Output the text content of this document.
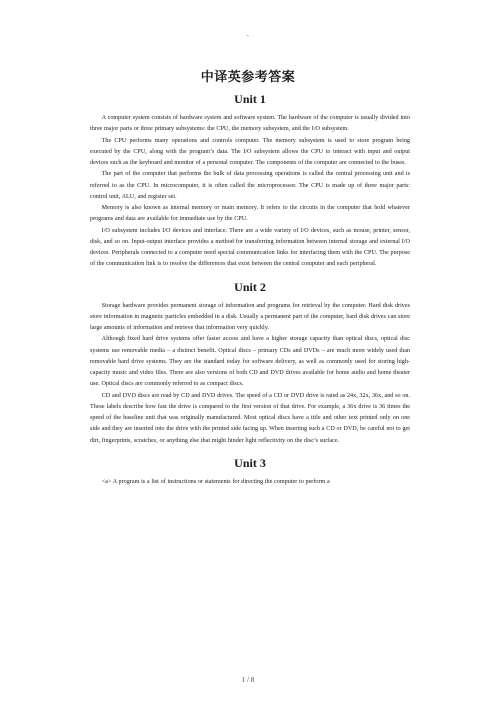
`
中译英参考答案
Unit 1

A computer system consists of hardware system and software system. The hardware of the computer is usually divided into three major parts or three primary subsystems: the CPU, the memory subsystem, and the I/O subsystem.

The CPU performs many operations and controls computer. The memory subsystem is used to store program being executed by the CPU, along with the program’s data. The I/O subsystem allows the CPU to interact with input and output devices such as the keyboard and monitor of a personal computer. The components of the computer are connected to the buses.

The part of the computer that performs the bulk of data processing operations is called the central processing unit and is referred to as the CPU. In microcomputer, it is often called the microprocessor. The CPU is made up of three major parts: control unit, ALU, and register set.

Memory is also known as internal memory or main memory. It refers to the circuits in the computer that hold whatever programs and data are available for immediate use by the CPU.

I/O subsystem includes I/O devices and interface. There are a wide variety of I/O devices, such as mouse, printer, sensor, disk, and so on. Input-output interface provides a method for transferring information between internal storage and external I/O devices. Peripherals connected to a computer need special communication links for interfacing them with the CPU. The purpose of the communication link is to resolve the differences that exist between the central computer and each peripheral.

Unit 2

Storage hardware provides permanent storage of information and programs for retrieval by the computer. Hard disk drives store information in magnetic particles embedded in a disk. Usually a permanent part of the computer, hard disk drives can store large amounts of information and retrieve that information very quickly.

Although fixed hard drive systems offer faster access and have a higher storage capacity than optical discs, optical disc systems use removable media – a distinct benefit. Optical discs – primary CDs and DVDs – are much more widely used than removable hard drive systems. They are the standard today for software delivery, as well as commonly used for storing high-capacity music and video files. There are also versions of both CD and DVD drives available for home audio and home theater use. Optical discs are commonly referred to as compact discs.

CD and DVD discs are read by CD and DVD drives. The speed of a CD or DVD drive is rated as 24x, 32x, 36x, and so on. These labels describe how fast the drive is compared to the first version of that drive. For example, a 36x drive is 36 times the speed of the baseline unit that was originally manufactured. Most optical discs have a title and other text printed only on one side and they are inserted into the drive with the printed side facing up. When inserting such a CD or DVD, be careful not to get dirt, fingerprints, scratches, or anything else that might hinder light reflectivity on the disc’s surface.

Unit 3

<a> A program is a list of instructions or statements for directing the computer to perform a

1 / 8
